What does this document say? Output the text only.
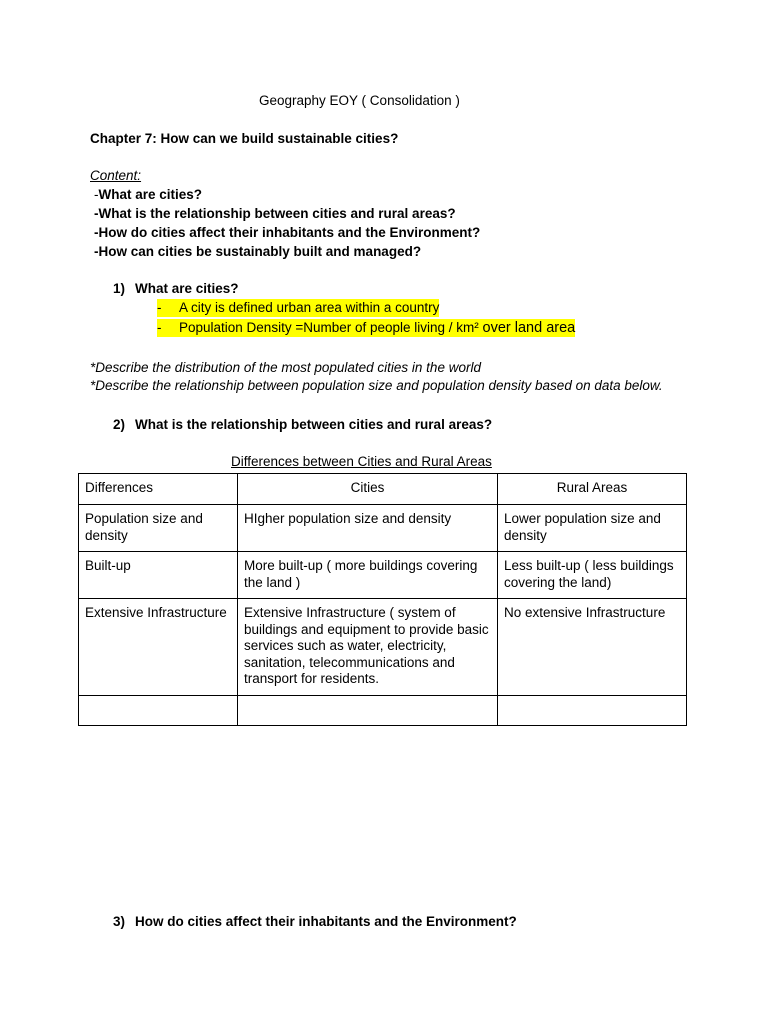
Geography EOY ( Consolidation )
Chapter 7: How can we build sustainable cities?
Content:
-What are cities?
-What is the relationship between cities and rural areas?
-How do cities affect their inhabitants and the Environment?
-How can cities be sustainably built and managed?
1) What are cities?
- A city is defined urban area within a country
- Population Density =Number of people living / km² over land area
*Describe the distribution of the most populated cities in the world
*Describe the relationship between population size and population density based on data below.
2) What is the relationship between cities and rural areas?
Differences between Cities and Rural Areas
Differences	Cities	Rural Areas
Population size and density	HIgher population size and density	Lower population size and density
Built-up	More built-up ( more buildings covering the land )	Less built-up ( less buildings covering the land)
Extensive Infrastructure	Extensive Infrastructure ( system of buildings and equipment to provide basic services such as water, electricity, sanitation, telecommunications and transport for residents.	No extensive Infrastructure

3) How do cities affect their inhabitants and the Environment?
